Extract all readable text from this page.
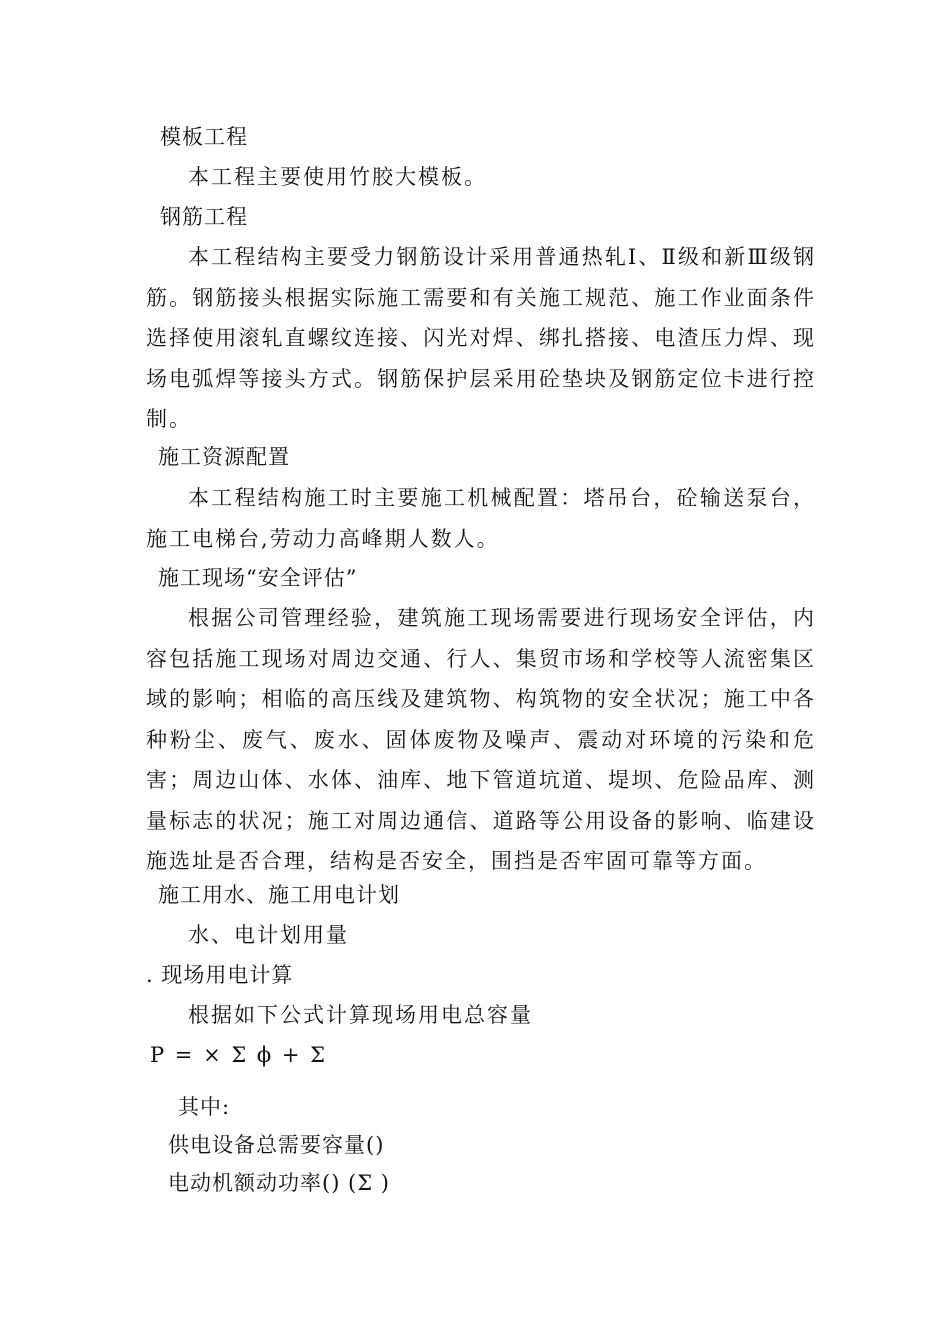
模板工程
本工程主要使用竹胶大模板。
钢筋工程
本工程结构主要受力钢筋设计采用普通热轧Ⅰ、Ⅱ级和新Ⅲ级钢筋。钢筋接头根据实际施工需要和有关施工规范、施工作业面条件选择使用滚轧直螺纹连接、闪光对焊、绑扎搭接、电渣压力焊、现场电弧焊等接头方式。钢筋保护层采用砼垫块及钢筋定位卡进行控制。
施工资源配置
本工程结构施工时主要施工机械配置：塔吊台，砼输送泵台，施工电梯台,劳动力高峰期人数人。
施工现场“安全评估”
根据公司管理经验，建筑施工现场需要进行现场安全评估，内容包括施工现场对周边交通、行人、集贸市场和学校等人流密集区域的影响；相临的高压线及建筑物、构筑物的安全状况；施工中各种粉尘、废气、废水、固体废物及噪声、震动对环境的污染和危害；周边山体、水体、油库、地下管道坑道、堤坝、危险品库、测量标志的状况；施工对周边通信、道路等公用设备的影响、临建设施选址是否合理，结构是否安全，围挡是否牢固可靠等方面。
施工用水、施工用电计划
水、电计划用量
. 现场用电计算
根据如下公式计算现场用电总容量
P = × Σ ϕ + Σ
其中:
供电设备总需要容量()
电动机额动功率() (Σ )
